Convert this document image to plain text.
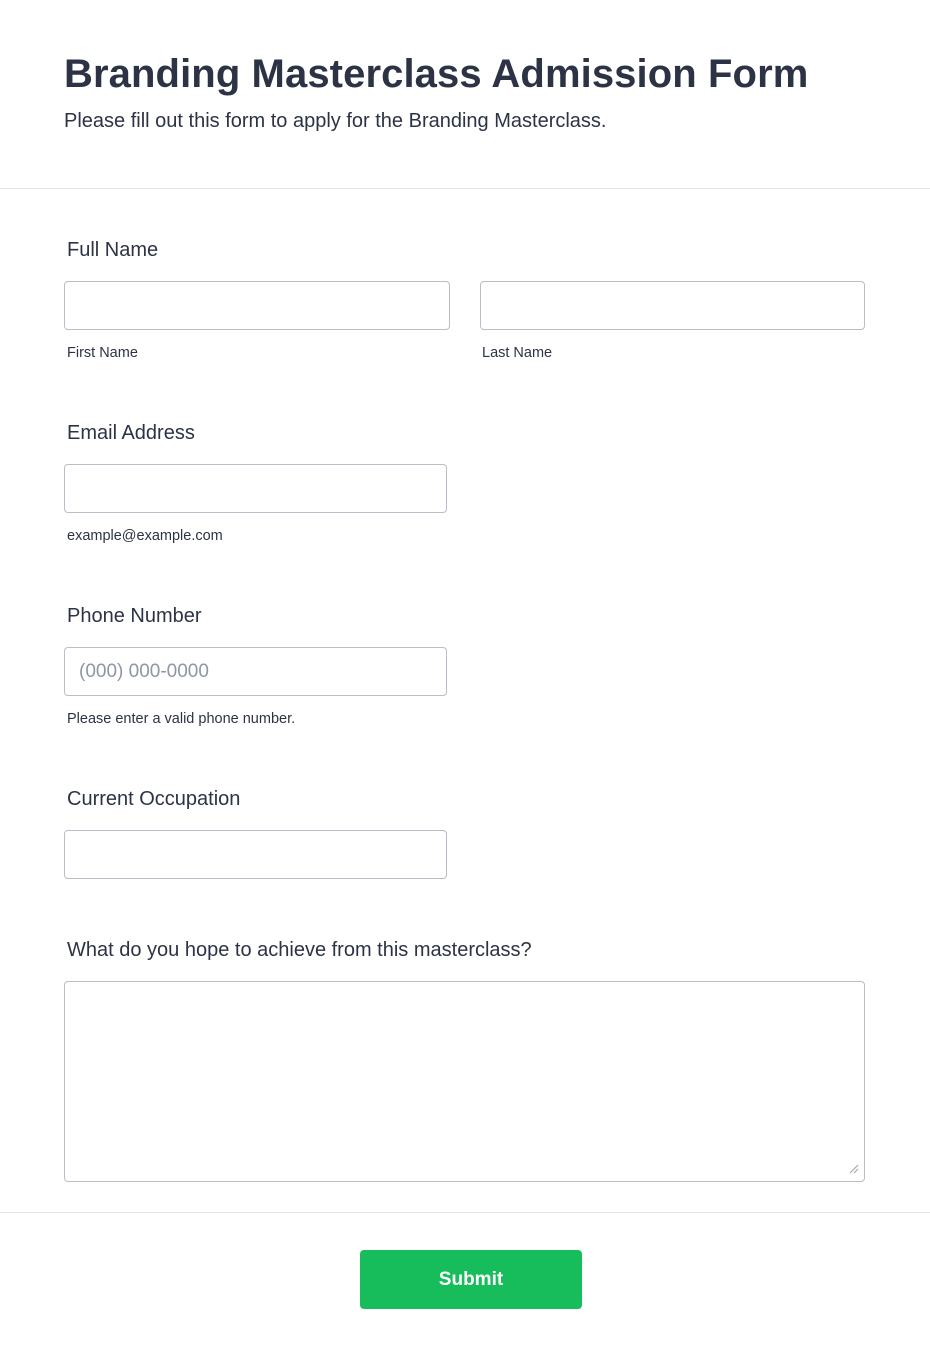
Branding Masterclass Admission Form

Please fill out this form to apply for the Branding Masterclass.

Full Name
First Name	Last Name
Email Address
example@example.com
Phone Number
(000) 000-0000
Please enter a valid phone number.
Current Occupation
What do you hope to achieve from this masterclass?
Submit
